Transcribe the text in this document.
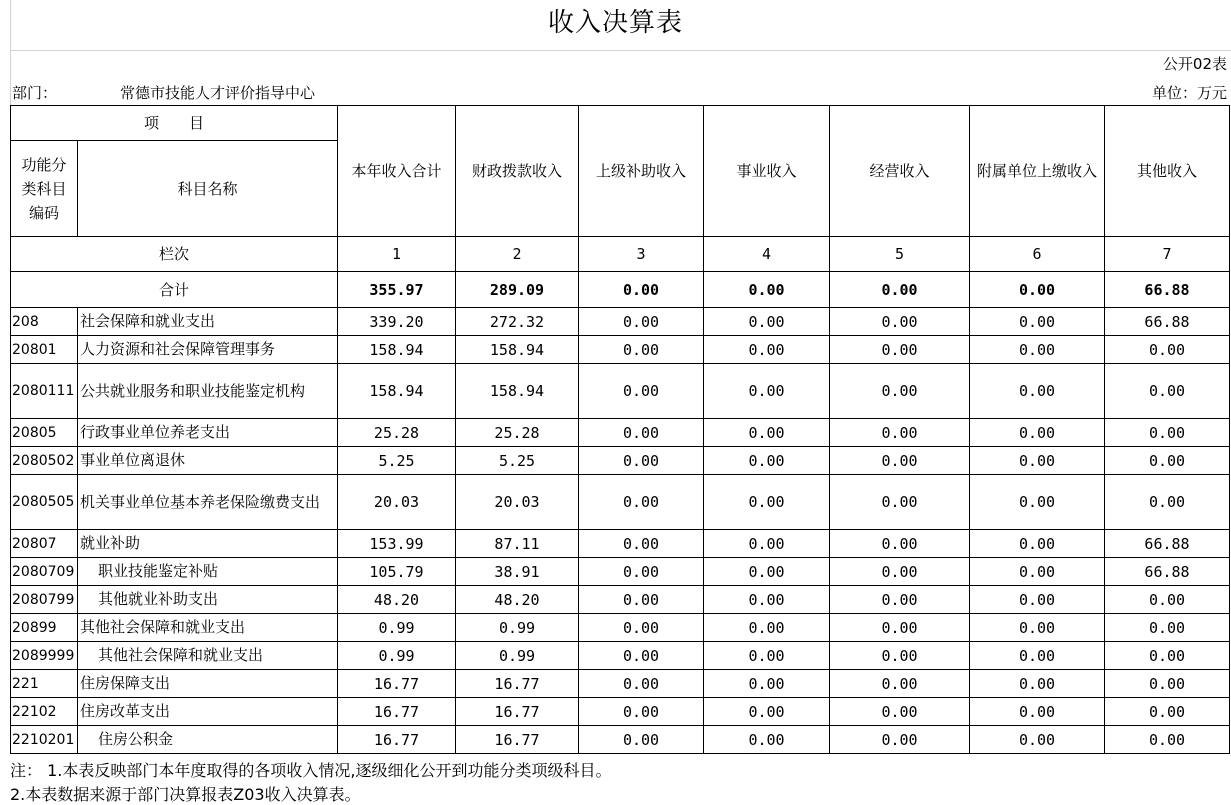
收入决算表
公开02表
部门：	常德市技能人才评价指导中心	单位：万元
项　　目		本年收入合计	财政拨款收入	上级补助收入	事业收入	经营收入	附属单位上缴收入	其他收入
功能分类科目编码	科目名称							
栏次		1	2	3	4	5	6	7
合计		355.97	289.09	0.00	0.00	0.00	0.00	66.88
208	社会保障和就业支出	339.20	272.32	0.00	0.00	0.00	0.00	66.88
20801	人力资源和社会保障管理事务	158.94	158.94	0.00	0.00	0.00	0.00	0.00
2080111	公共就业服务和职业技能鉴定机构	158.94	158.94	0.00	0.00	0.00	0.00	0.00
20805	行政事业单位养老支出	25.28	25.28	0.00	0.00	0.00	0.00	0.00
2080502	事业单位离退休	5.25	5.25	0.00	0.00	0.00	0.00	0.00
2080505	机关事业单位基本养老保险缴费支出	20.03	20.03	0.00	0.00	0.00	0.00	0.00
20807	就业补助	153.99	87.11	0.00	0.00	0.00	0.00	66.88
2080709	职业技能鉴定补贴	105.79	38.91	0.00	0.00	0.00	0.00	66.88
2080799	其他就业补助支出	48.20	48.20	0.00	0.00	0.00	0.00	0.00
20899	其他社会保障和就业支出	0.99	0.99	0.00	0.00	0.00	0.00	0.00
2089999	其他社会保障和就业支出	0.99	0.99	0.00	0.00	0.00	0.00	0.00
221	住房保障支出	16.77	16.77	0.00	0.00	0.00	0.00	0.00
22102	住房改革支出	16.77	16.77	0.00	0.00	0.00	0.00	0.00
2210201	住房公积金	16.77	16.77	0.00	0.00	0.00	0.00	0.00
注： 1.本表反映部门本年度取得的各项收入情况,逐级细化公开到功能分类项级科目。
2.本表数据来源于部门决算报表Z03收入决算表。
